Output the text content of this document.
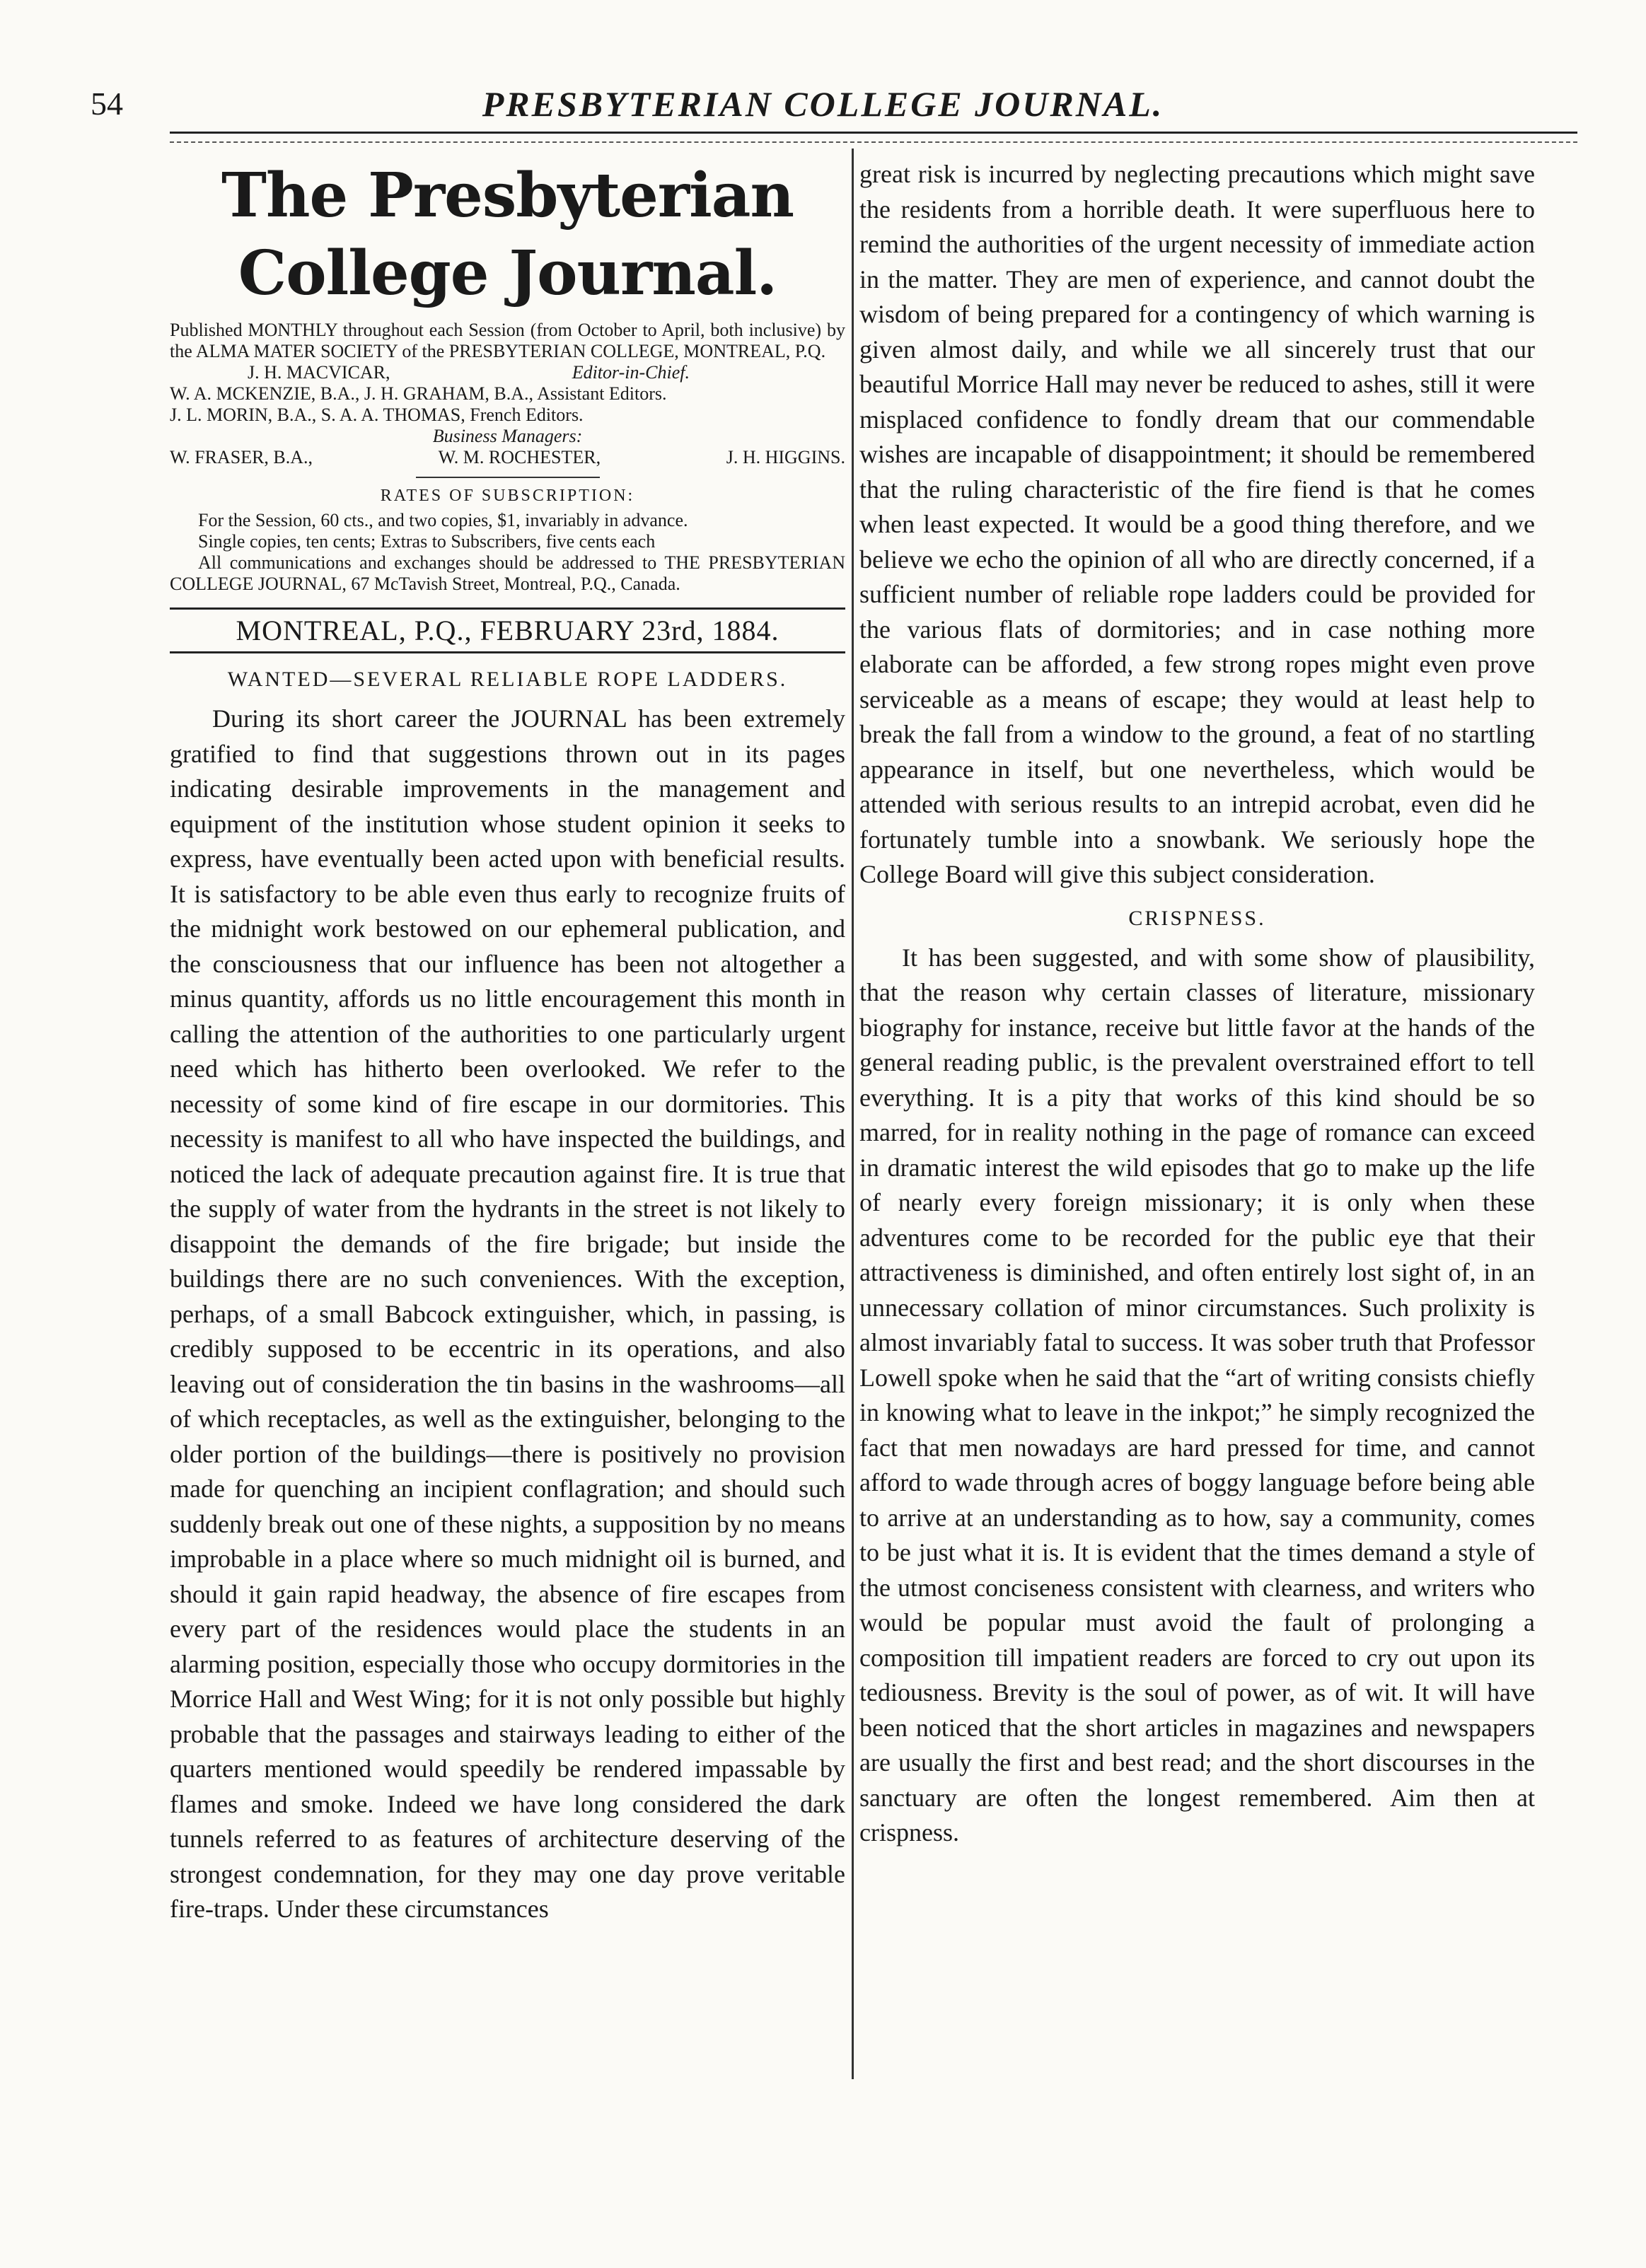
54	PRESBYTERIAN COLLEGE JOURNAL.
The Presbyterian College Journal.
Published MONTHLY throughout each Session (from October to April, both inclusive) by the ALMA MATER SOCIETY of the PRESBYTERIAN COLLEGE, MONTREAL, P.Q.
J. H. MACVICAR,	Editor-in-Chief.
W. A. MCKENZIE, B.A., J. H. GRAHAM, B.A., Assistant Editors.
J. L. MORIN, B.A., S. A. A. THOMAS, French Editors.
Business Managers:
W. FRASER, B.A.,	W. M. ROCHESTER,	J. H. HIGGINS.
RATES OF SUBSCRIPTION:

For the Session, 60 cts., and two copies, $1, invariably in advance.

Single copies, ten cents; Extras to Subscribers, five cents each

All communications and exchanges should be addressed to THE PRESBYTERIAN COLLEGE JOURNAL, 67 McTavish Street, Montreal, P.Q., Canada.

MONTREAL, P.Q., FEBRUARY 23rd, 1884.
WANTED—SEVERAL RELIABLE ROPE LADDERS.

During its short career the JOURNAL has been extremely gratified to find that suggestions thrown out in its pages indicating desirable improvements in the management and equipment of the institution whose student opinion it seeks to express, have eventually been acted upon with beneficial results. It is satisfactory to be able even thus early to recognize fruits of the midnight work bestowed on our ephemeral publication, and the consciousness that our influence has been not altogether a minus quantity, affords us no little encouragement this month in calling the attention of the authorities to one particularly urgent need which has hitherto been overlooked. We refer to the necessity of some kind of fire escape in our dormitories. This necessity is manifest to all who have inspected the buildings, and noticed the lack of adequate precaution against fire. It is true that the supply of water from the hydrants in the street is not likely to disappoint the demands of the fire brigade; but inside the buildings there are no such conveniences. With the exception, perhaps, of a small Babcock extinguisher, which, in passing, is credibly supposed to be eccentric in its operations, and also leaving out of consideration the tin basins in the washrooms—all of which receptacles, as well as the extinguisher, belonging to the older portion of the buildings—there is positively no provision made for quenching an incipient conflagration; and should such suddenly break out one of these nights, a supposition by no means improbable in a place where so much midnight oil is burned, and should it gain rapid headway, the absence of fire escapes from every part of the residences would place the students in an alarming position, especially those who occupy dormitories in the Morrice Hall and West Wing; for it is not only possible but highly probable that the passages and stairways leading to either of the quarters mentioned would speedily be rendered impassable by flames and smoke. Indeed we have long considered the dark tunnels referred to as features of architecture deserving of the strongest condemnation, for they may one day prove veritable fire-traps. Under these circumstances

great risk is incurred by neglecting precautions which might save the residents from a horrible death. It were superfluous here to remind the authorities of the urgent necessity of immediate action in the matter. They are men of experience, and cannot doubt the wisdom of being prepared for a contingency of which warning is given almost daily, and while we all sincerely trust that our beautiful Morrice Hall may never be reduced to ashes, still it were misplaced confidence to fondly dream that our commendable wishes are incapable of disappointment; it should be remembered that the ruling characteristic of the fire fiend is that he comes when least expected. It would be a good thing therefore, and we believe we echo the opinion of all who are directly concerned, if a sufficient number of reliable rope ladders could be provided for the various flats of dormitories; and in case nothing more elaborate can be afforded, a few strong ropes might even prove serviceable as a means of escape; they would at least help to break the fall from a window to the ground, a feat of no startling appearance in itself, but one nevertheless, which would be attended with serious results to an intrepid acrobat, even did he fortunately tumble into a snowbank. We seriously hope the College Board will give this subject consideration.

CRISPNESS.

It has been suggested, and with some show of plausibility, that the reason why certain classes of literature, missionary biography for instance, receive but little favor at the hands of the general reading public, is the prevalent overstrained effort to tell everything. It is a pity that works of this kind should be so marred, for in reality nothing in the page of romance can exceed in dramatic interest the wild episodes that go to make up the life of nearly every foreign missionary; it is only when these adventures come to be recorded for the public eye that their attractiveness is diminished, and often entirely lost sight of, in an unnecessary collation of minor circumstances. Such prolixity is almost invariably fatal to success. It was sober truth that Professor Lowell spoke when he said that the “art of writing consists chiefly in knowing what to leave in the inkpot;” he simply recognized the fact that men nowadays are hard pressed for time, and cannot afford to wade through acres of boggy language before being able to arrive at an understanding as to how, say a community, comes to be just what it is. It is evident that the times demand a style of the utmost conciseness consistent with clearness, and writers who would be popular must avoid the fault of prolonging a composition till impatient readers are forced to cry out upon its tediousness. Brevity is the soul of power, as of wit. It will have been noticed that the short articles in magazines and newspapers are usually the first and best read; and the short discourses in the sanctuary are often the longest remembered. Aim then at crispness.
